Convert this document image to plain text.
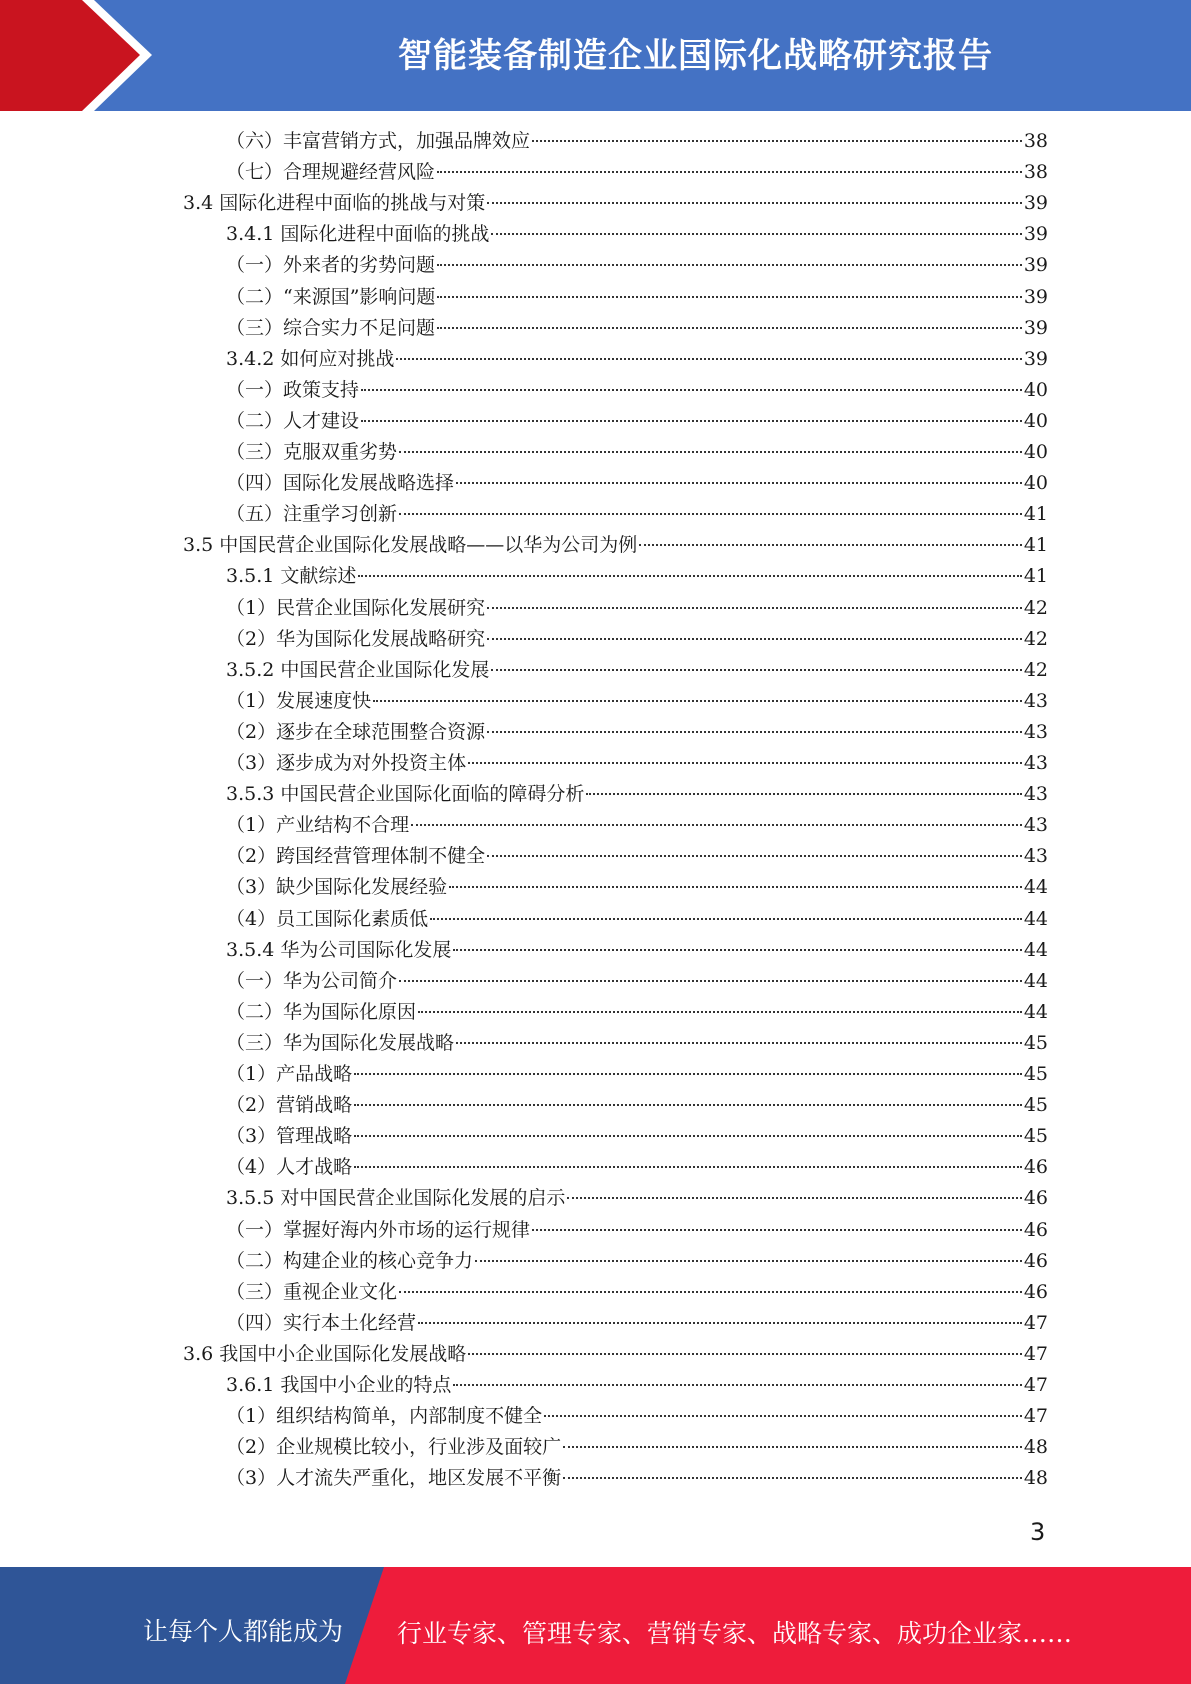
智能装备制造企业国际化战略研究报告
（六）丰富营销方式，加强品牌效应	38
（七）合理规避经营风险	38
3.4 国际化进程中面临的挑战与对策	39
3.4.1 国际化进程中面临的挑战	39
（一）外来者的劣势问题	39
（二）“来源国”影响问题	39
（三）综合实力不足问题	39
3.4.2 如何应对挑战	39
（一）政策支持	40
（二）人才建设	40
（三）克服双重劣势	40
（四）国际化发展战略选择	40
（五）注重学习创新	41
3.5 中国民营企业国际化发展战略——以华为公司为例	41
3.5.1 文献综述	41
（1）民营企业国际化发展研究	42
（2）华为国际化发展战略研究	42
3.5.2 中国民营企业国际化发展	42
（1）发展速度快	43
（2）逐步在全球范围整合资源	43
（3）逐步成为对外投资主体	43
3.5.3 中国民营企业国际化面临的障碍分析	43
（1）产业结构不合理	43
（2）跨国经营管理体制不健全	43
（3）缺少国际化发展经验	44
（4）员工国际化素质低	44
3.5.4 华为公司国际化发展	44
（一）华为公司简介	44
（二）华为国际化原因	44
（三）华为国际化发展战略	45
（1）产品战略	45
（2）营销战略	45
（3）管理战略	45
（4）人才战略	46
3.5.5 对中国民营企业国际化发展的启示	46
（一）掌握好海内外市场的运行规律	46
（二）构建企业的核心竞争力	46
（三）重视企业文化	46
（四）实行本土化经营	47
3.6 我国中小企业国际化发展战略	47
3.6.1 我国中小企业的特点	47
（1）组织结构简单，内部制度不健全	47
（2）企业规模比较小，行业涉及面较广	48
（3）人才流失严重化，地区发展不平衡	48
3
让每个人都能成为 行业专家、管理专家、营销专家、战略专家、成功企业家……
